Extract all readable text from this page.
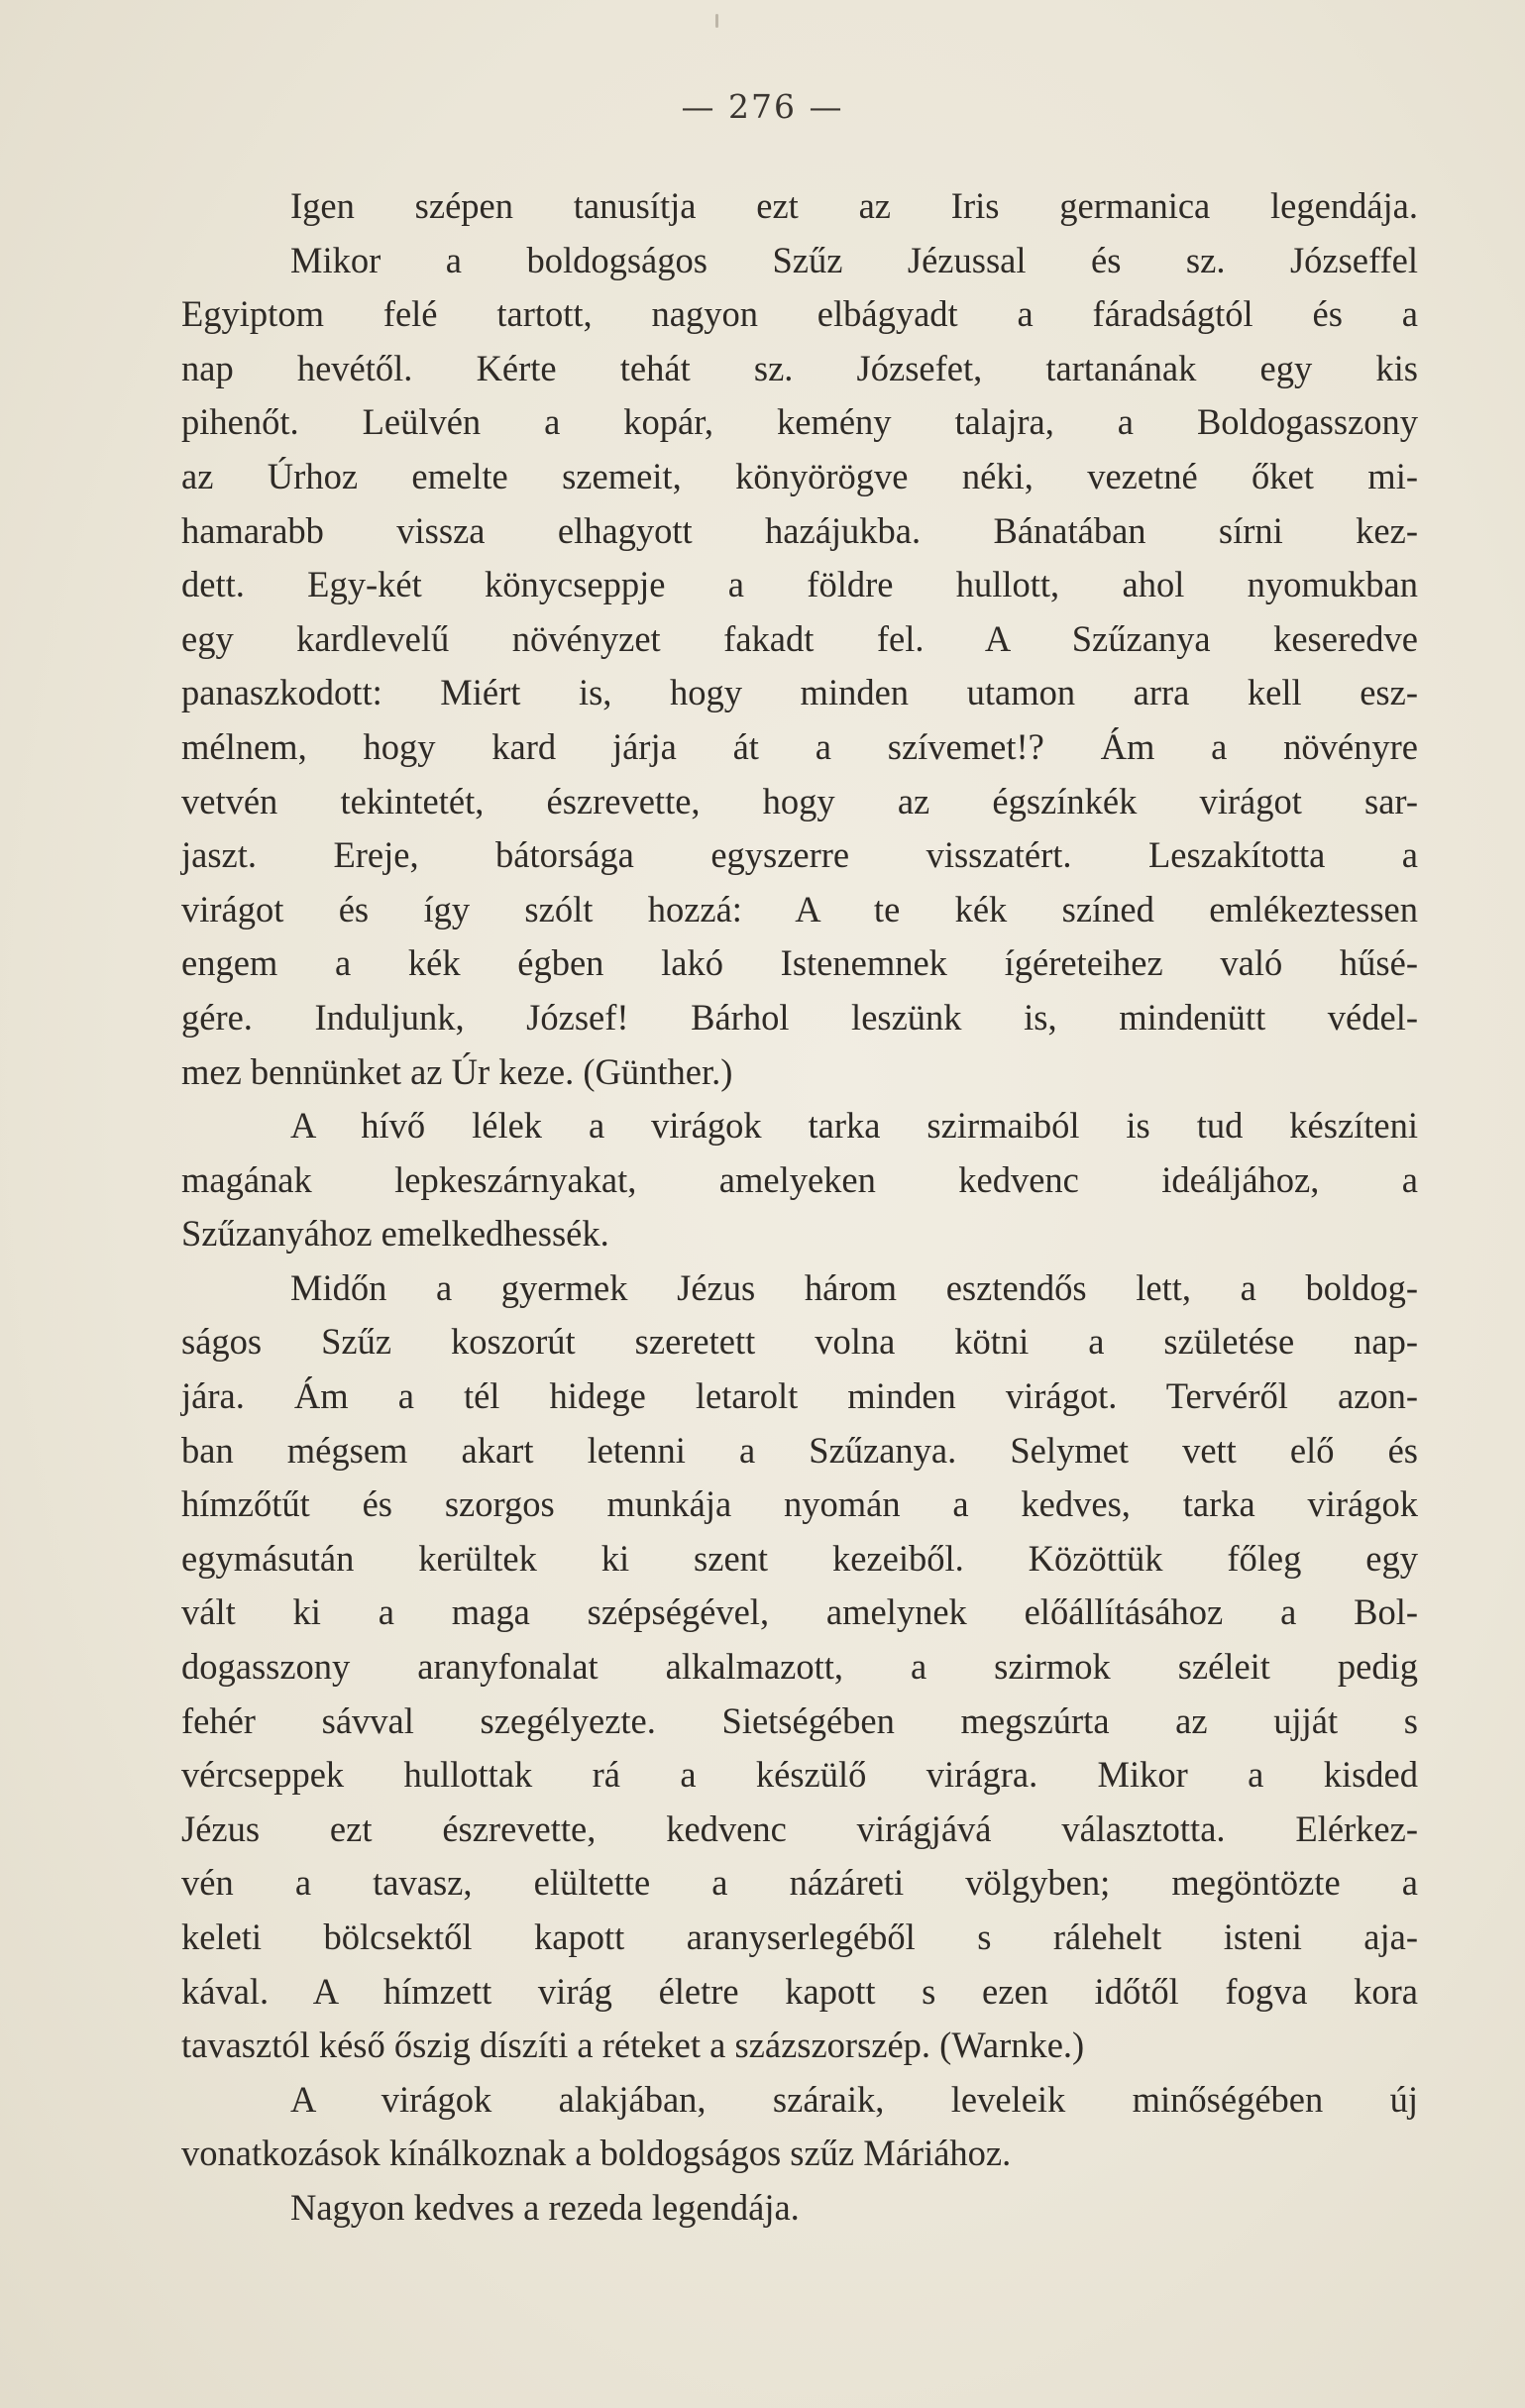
— 276 —
Igen szépen tanusítja ezt az Iris germanica legendája.
Mikor a boldogságos Szűz Jézussal és sz. Józseffel
Egyiptom felé tartott, nagyon elbágyadt a fáradságtól és a
nap hevétől. Kérte tehát sz. Józsefet, tartanának egy kis
pihenőt. Leülvén a kopár, kemény talajra, a Boldogasszony
az Úrhoz emelte szemeit, könyörögve néki, vezetné őket mi-
hamarabb vissza elhagyott hazájukba. Bánatában sírni kez-
dett. Egy-két könycseppje a földre hullott, ahol nyomukban
egy kardlevelű növényzet fakadt fel. A Szűzanya keseredve
panaszkodott: Miért is, hogy minden utamon arra kell esz-
mélnem, hogy kard járja át a szívemet!? Ám a növényre
vetvén tekintetét, észrevette, hogy az égszínkék virágot sar-
jaszt. Ereje, bátorsága egyszerre visszatért. Leszakította a
virágot és így szólt hozzá: A te kék színed emlékeztessen
engem a kék égben lakó Istenemnek ígéreteihez való hűsé-
gére. Induljunk, József! Bárhol leszünk is, mindenütt védel-
mez bennünket az Úr keze. (Günther.)
A hívő lélek a virágok tarka szirmaiból is tud készíteni
magának lepkeszárnyakat, amelyeken kedvenc ideáljához, a
Szűzanyához emelkedhessék.
Midőn a gyermek Jézus három esztendős lett, a boldog-
ságos Szűz koszorút szeretett volna kötni a születése nap-
jára. Ám a tél hidege letarolt minden virágot. Tervéről azon-
ban mégsem akart letenni a Szűzanya. Selymet vett elő és
hímzőtűt és szorgos munkája nyomán a kedves, tarka virágok
egymásután kerültek ki szent kezeiből. Közöttük főleg egy
vált ki a maga szépségével, amelynek előállításához a Bol-
dogasszony aranyfonalat alkalmazott, a szirmok széleit pedig
fehér sávval szegélyezte. Sietségében megszúrta az ujját s
vércseppek hullottak rá a készülő virágra. Mikor a kisded
Jézus ezt észrevette, kedvenc virágjává választotta. Elérkez-
vén a tavasz, elültette a názáreti völgyben; megöntözte a
keleti bölcsektől kapott aranyserlegéből s rálehelt isteni aja-
kával. A hímzett virág életre kapott s ezen időtől fogva kora
tavasztól késő őszig díszíti a réteket a százszorszép. (Warnke.)
A virágok alakjában, száraik, leveleik minőségében új
vonatkozások kínálkoznak a boldogságos szűz Máriához.
Nagyon kedves a rezeda legendája.
